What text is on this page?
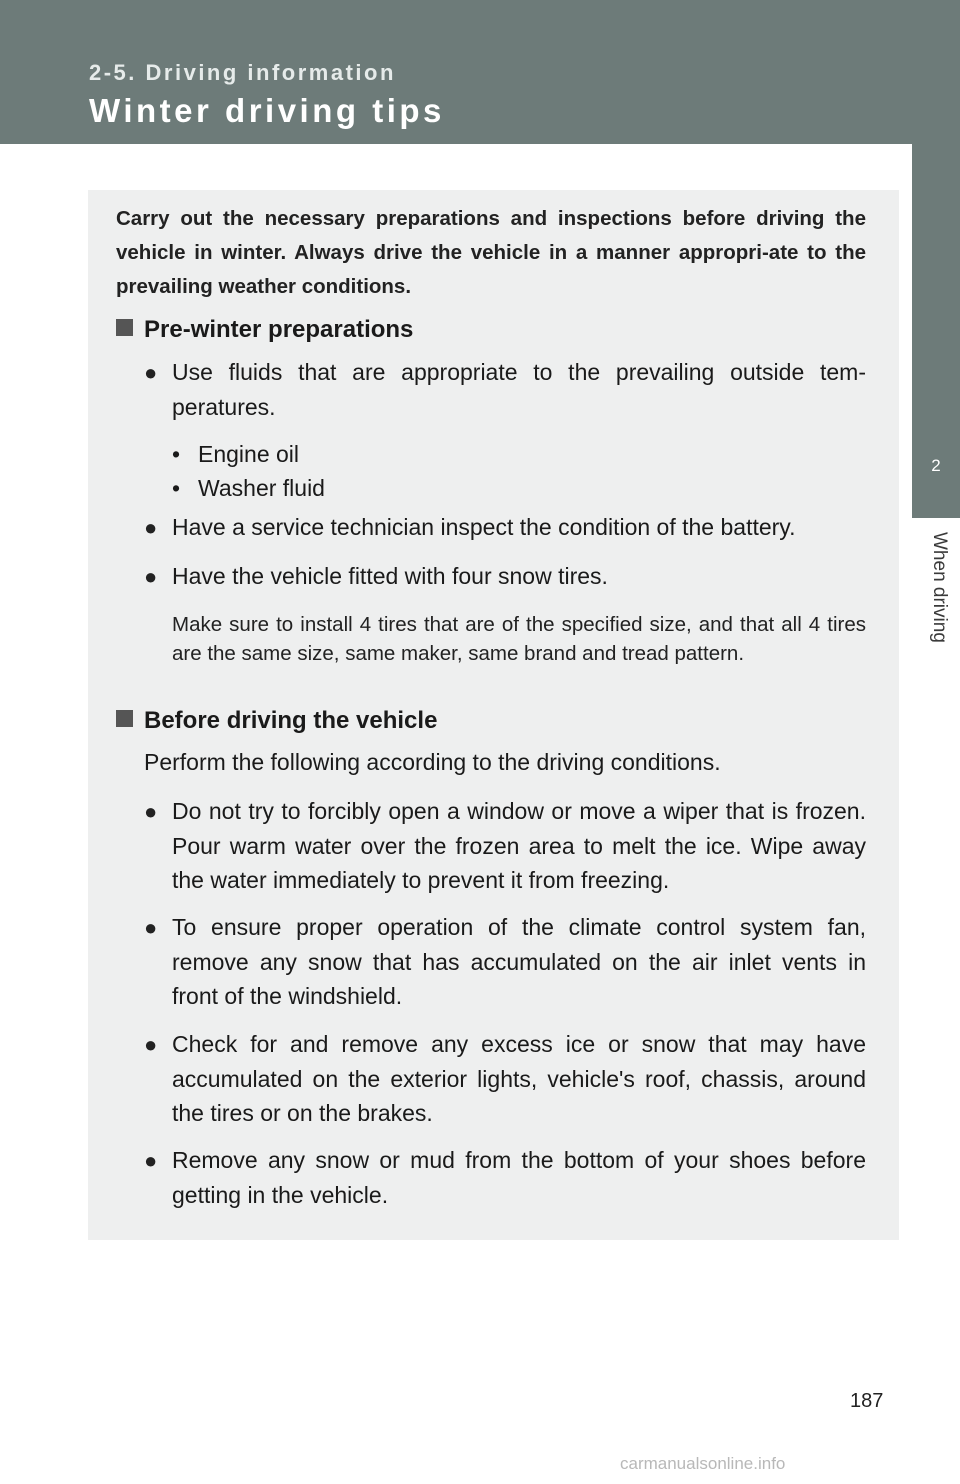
2-5. Driving information
Winter driving tips
2
When driving
Carry out the necessary preparations and inspections before driving the vehicle in winter. Always drive the vehicle in a manner appropri-ate to the prevailing weather conditions.
Pre-winter preparations
● Use fluids that are appropriate to the prevailing outside tem-peratures.
• Engine oil
• Washer fluid
● Have a service technician inspect the condition of the battery.
● Have the vehicle fitted with four snow tires.
Make sure to install 4 tires that are of the specified size, and that all 4 tires are the same size, same maker, same brand and tread pattern.
Before driving the vehicle
Perform the following according to the driving conditions.
● Do not try to forcibly open a window or move a wiper that is frozen. Pour warm water over the frozen area to melt the ice. Wipe away the water immediately to prevent it from freezing.
● To ensure proper operation of the climate control system fan, remove any snow that has accumulated on the air inlet vents in front of the windshield.
● Check for and remove any excess ice or snow that may have accumulated on the exterior lights, vehicle's roof, chassis, around the tires or on the brakes.
● Remove any snow or mud from the bottom of your shoes before getting in the vehicle.
187
carmanualsonline.info
